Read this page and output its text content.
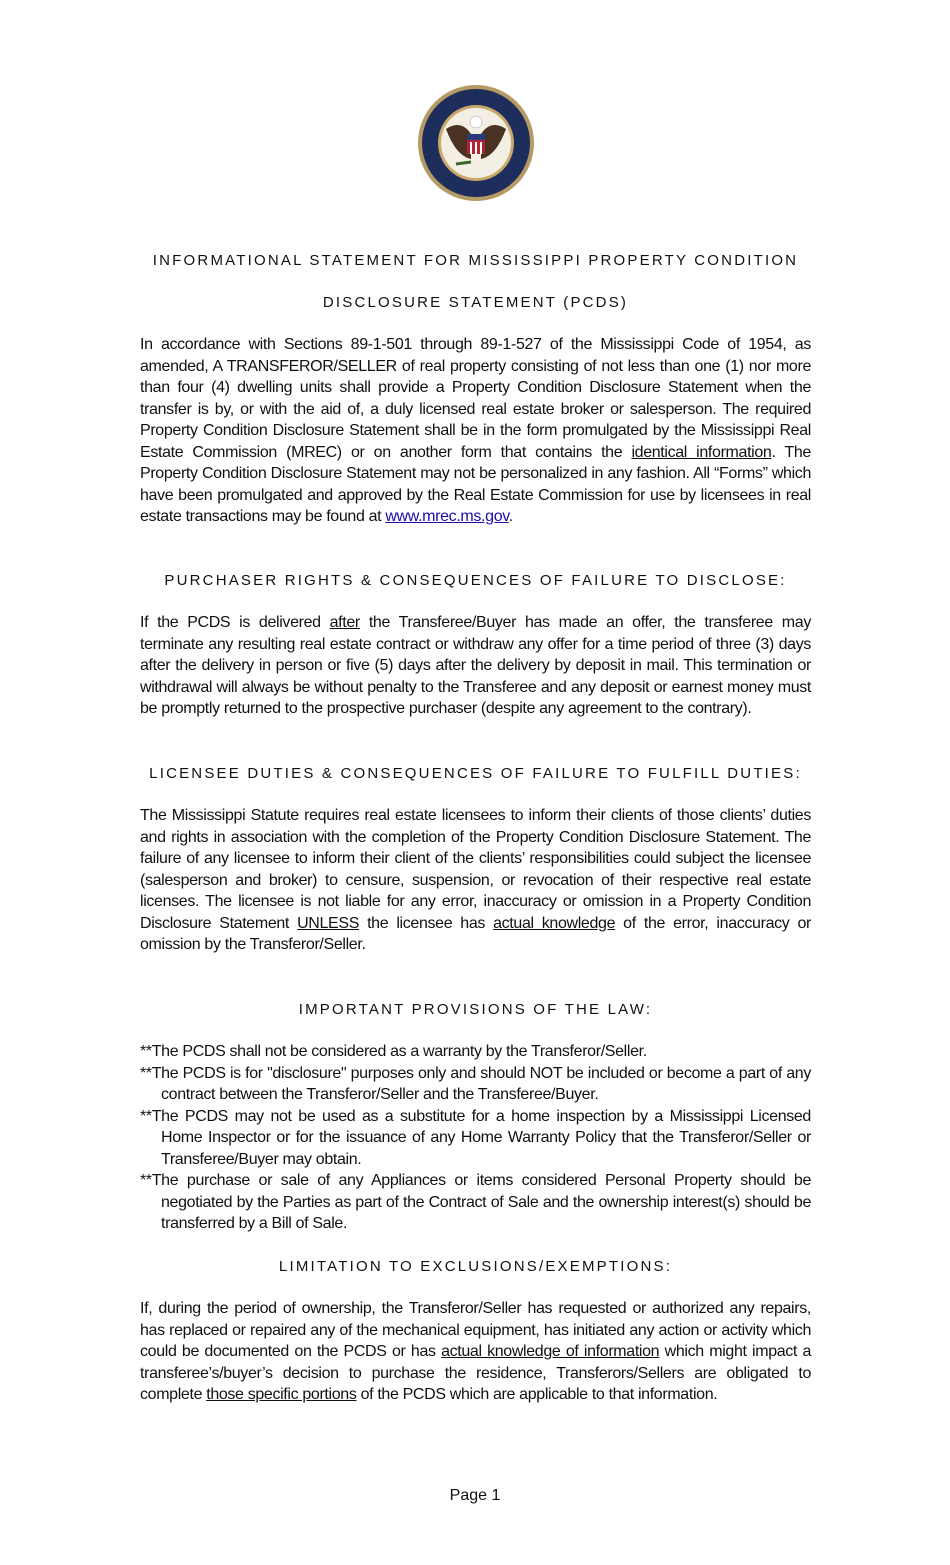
INFORMATIONAL STATEMENT FOR MISSISSIPPI PROPERTY CONDITION
DISCLOSURE STATEMENT (PCDS)

In accordance with Sections 89-1-501 through 89-1-527 of the Mississippi Code of 1954, as amended, A TRANSFEROR/SELLER of real property consisting of not less than one (1) nor more than four (4) dwelling units shall provide a Property Condition Disclosure Statement when the transfer is by, or with the aid of, a duly licensed real estate broker or salesperson. The required Property Condition Disclosure Statement shall be in the form promulgated by the Mississippi Real Estate Commission (MREC) or on another form that contains the identical information. The Property Condition Disclosure Statement may not be personalized in any fashion. All “Forms” which have been promulgated and approved by the Real Estate Commission for use by licensees in real estate transactions may be found at www.mrec.ms.gov.

PURCHASER RIGHTS & CONSEQUENCES OF FAILURE TO DISCLOSE:

If the PCDS is delivered after the Transferee/Buyer has made an offer, the transferee may terminate any resulting real estate contract or withdraw any offer for a time period of three (3) days after the delivery in person or five (5) days after the delivery by deposit in mail. This termination or withdrawal will always be without penalty to the Transferee and any deposit or earnest money must be promptly returned to the prospective purchaser (despite any agreement to the contrary).

LICENSEE DUTIES & CONSEQUENCES OF FAILURE TO FULFILL DUTIES:

The Mississippi Statute requires real estate licensees to inform their clients of those clients’ duties and rights in association with the completion of the Property Condition Disclosure Statement. The failure of any licensee to inform their client of the clients’ responsibilities could subject the licensee (salesperson and broker) to censure, suspension, or revocation of their respective real estate licenses. The licensee is not liable for any error, inaccuracy or omission in a Property Condition Disclosure Statement UNLESS the licensee has actual knowledge of the error, inaccuracy or omission by the Transferor/Seller.

IMPORTANT PROVISIONS OF THE LAW:
**The PCDS shall not be considered as a warranty by the Transferor/Seller.
**The PCDS is for "disclosure" purposes only and should NOT be included or become a part of any contract between the Transferor/Seller and the Transferee/Buyer.
**The PCDS may not be used as a substitute for a home inspection by a Mississippi Licensed Home Inspector or for the issuance of any Home Warranty Policy that the Transferor/Seller or Transferee/Buyer may obtain.
**The purchase or sale of any Appliances or items considered Personal Property should be negotiated by the Parties as part of the Contract of Sale and the ownership interest(s) should be transferred by a Bill of Sale.
LIMITATION TO EXCLUSIONS/EXEMPTIONS:

If, during the period of ownership, the Transferor/Seller has requested or authorized any repairs, has replaced or repaired any of the mechanical equipment, has initiated any action or activity which could be documented on the PCDS or has actual knowledge of information which might impact a transferee’s/buyer’s decision to purchase the residence, Transferors/Sellers are obligated to complete those specific portions of the PCDS which are applicable to that information.

Page 1
